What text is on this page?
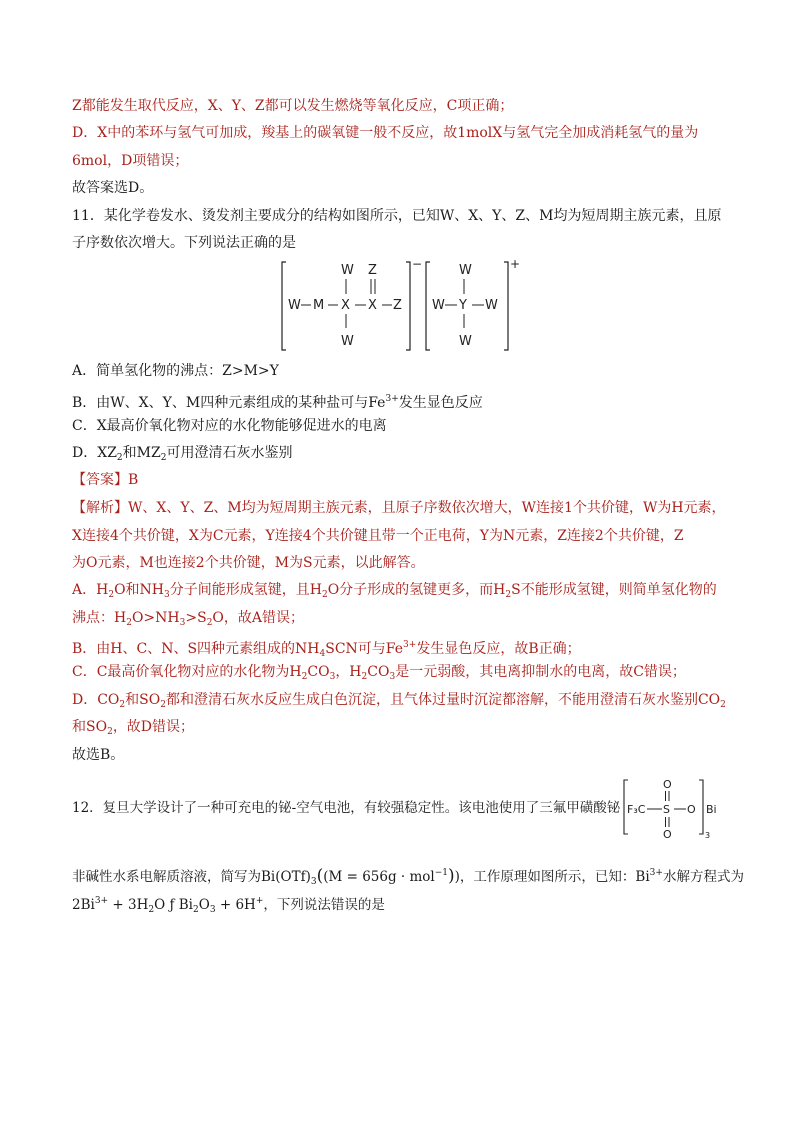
Z都能发生取代反应，X、Y、Z都可以发生燃烧等氧化反应，C项正确；
D．X中的苯环与氢气可加成，羧基上的碳氧键一般不反应，故1molX与氢气完全加成消耗氢气的量为
6mol，D项错误；
故答案选D。
11．某化学卷发水、烫发剂主要成分的结构如图所示，已知W、X、Y、Z、M均为短周期主族元素，且原
子序数依次增大。下列说法正确的是
−
W M X X Z
W Z
W
+
W Y W
W
W
A．简单氢化物的沸点：Z>M>Y
B．由W、X、Y、M四种元素组成的某种盐可与$Fe^{3+}$发生显色反应
C．X最高价氧化物对应的水化物能够促进水的电离
D．$XZ_2$和$MZ_2$可用澄清石灰水鉴别
【答案】B
【解析】W、X、Y、Z、M均为短周期主族元素，且原子序数依次增大，W连接1个共价键，W为H元素，
X连接4个共价键，X为C元素，Y连接4个共价键且带一个正电荷，Y为N元素，Z连接2个共价键，Z
为O元素，M也连接2个共价键，M为S元素，以此解答。
A．$H_2O$和$NH_3$分子间能形成氢键，且$H_2O$分子形成的氢键更多，而$H_2S$不能形成氢键，则简单氢化物的
沸点：$H_2O>NH_3>S_2O$，故A错误；
B．由H、C、N、S四种元素组成的$NH_4SCN$可与$Fe^{3+}$发生显色反应，故B正确；
C．C最高价氧化物对应的水化物为$H_2CO_3$，$H_2CO_3$是一元弱酸，其电离抑制水的电离，故C错误；
D．$CO_2$和$SO_2$都和澄清石灰水反应生成白色沉淀，且气体过量时沉淀都溶解，不能用澄清石灰水鉴别$CO_2$
和$SO_2$，故D错误；
故选B。
12．复旦大学设计了一种可充电的铋-空气电池，有较强稳定性。该电池使用了三氟甲磺酸铋 F₃C S O
O
O	3
Bi
非碱性水系电解质溶液，简写为$Bi(OTf)_3((M = 656g \cdot mol^{-1}))$，工作原理如图所示，已知：$Bi^{3+}$水解方程式为
$2Bi^{3+} + 3H_2O$ ƒ $Bi_2O_3 + 6H^+$，下列说法错误的是
